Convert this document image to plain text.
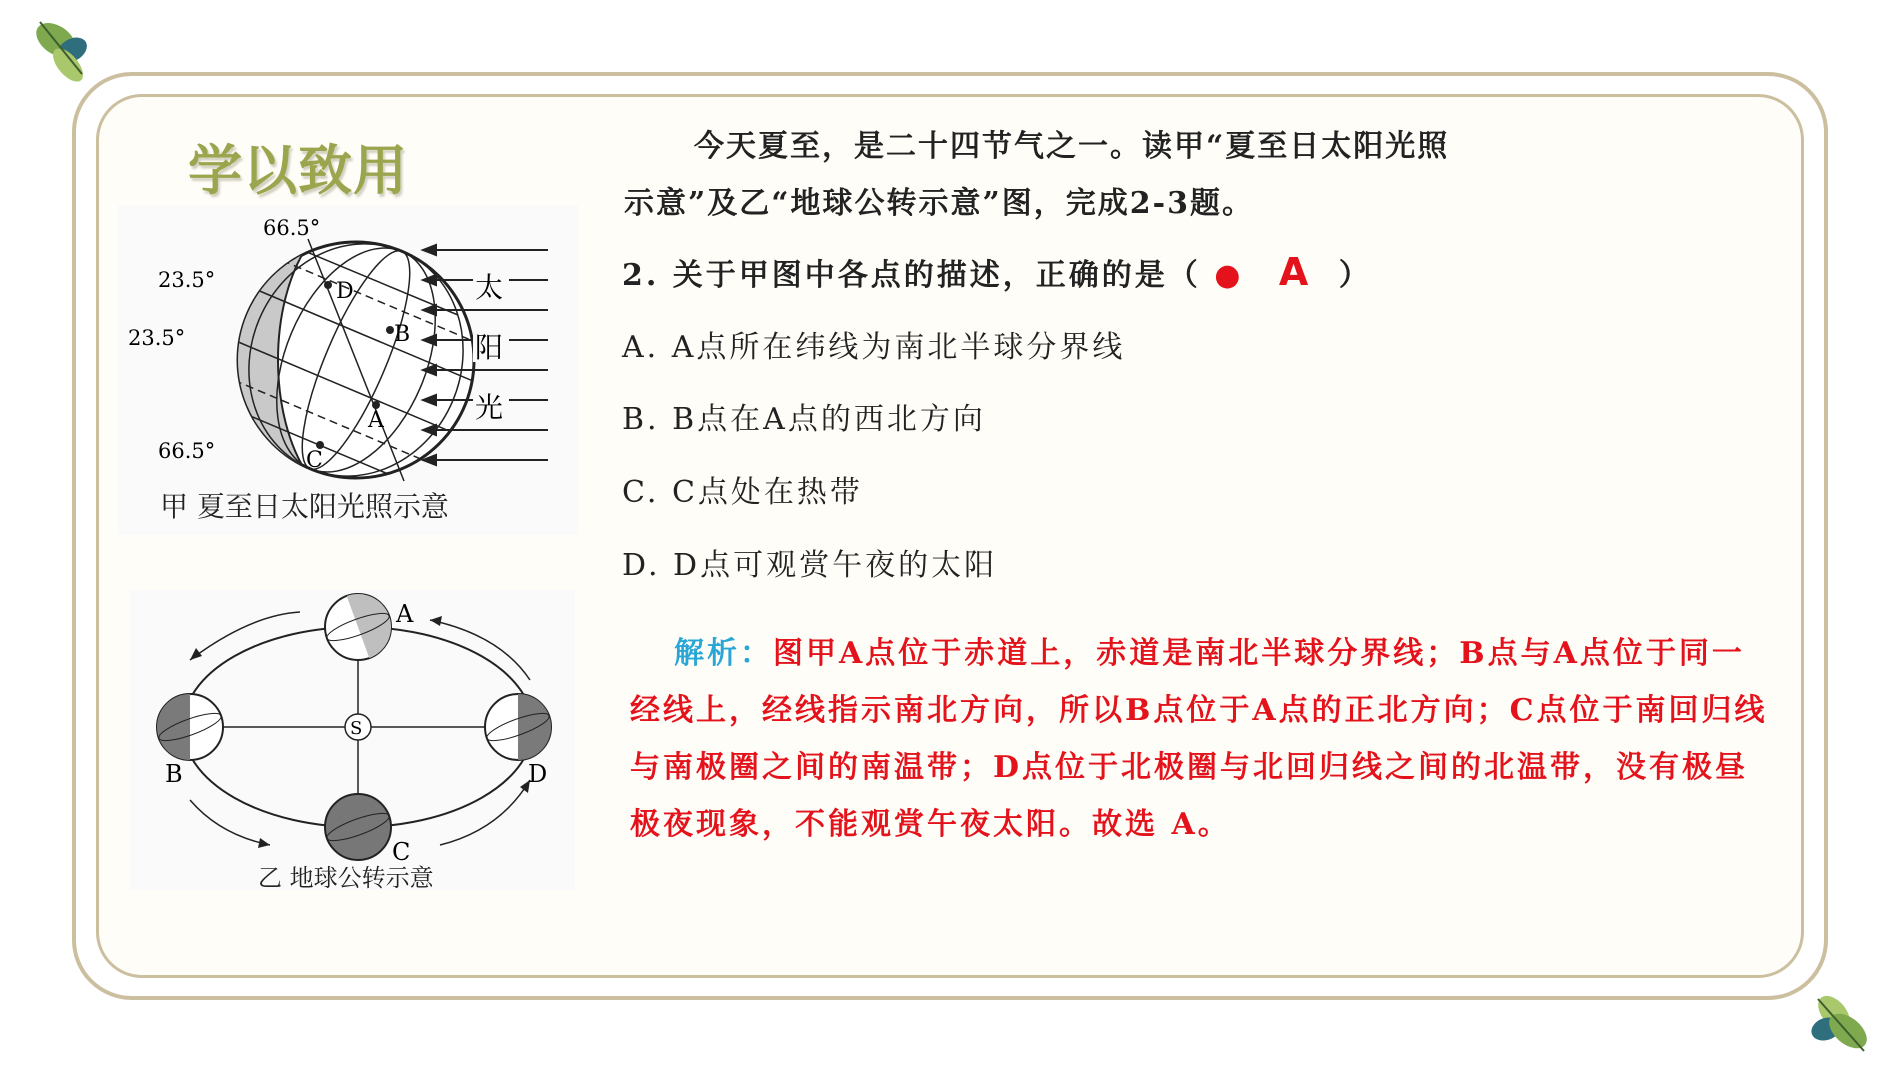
学以致用
D
B
A
C
66.5°
23.5°
23.5°
66.5°
太
阳
光
甲 夏至日太阳光照示意
S
A
B
C
D
乙 地球公转示意
今天夏至，是二十四节气之一。读甲“夏至日太阳光照
示意”及乙“地球公转示意”图，完成2-3题。
2. 关于甲图中各点的描述，正确的是（ ● A ）
A. A点所在纬线为南北半球分界线
B. B点在A点的西北方向
C. C点处在热带
D. D点可观赏午夜的太阳
解析：图甲A点位于赤道上，赤道是南北半球分界线；B点与A点位于同一经线上，经线指示南北方向，所以B点位于A点的正北方向；C点位于南回归线与南极圈之间的南温带；D点位于北极圈与北回归线之间的北温带，没有极昼极夜现象，不能观赏午夜太阳。故选 A。
